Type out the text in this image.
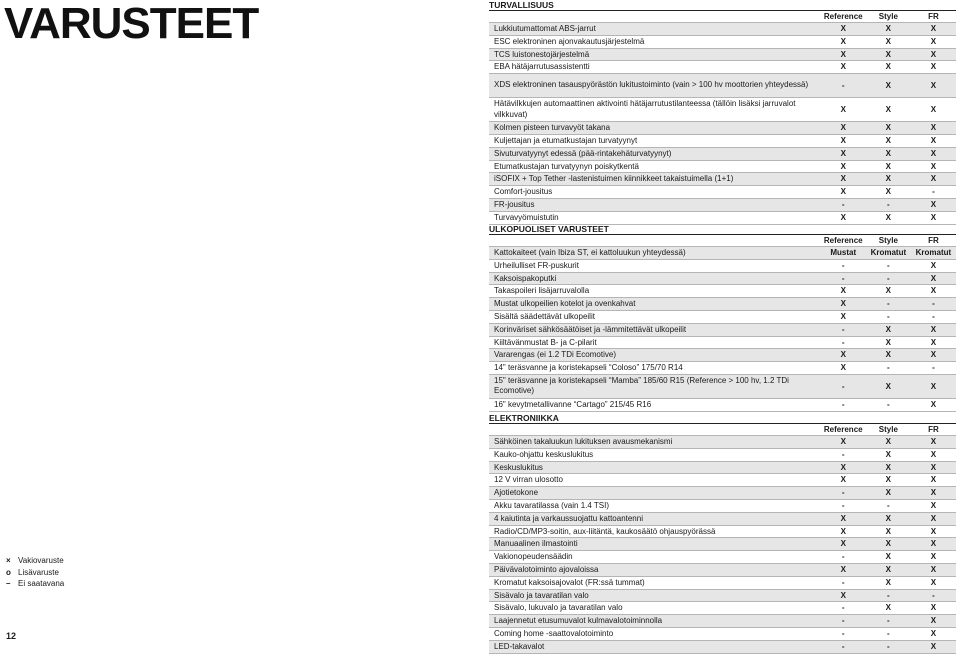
VARUSTEET
× Vakiovaruste
o Lisävaruste
– Ei saatavana
12
TURVALLISUUS
	Reference	Style	FR
Lukkiutumattomat ABS-jarrut	X	X	X
ESC elektroninen ajonvakautusjärjestelmä	X	X	X
TCS luistonestojärjestelmä	X	X	X
EBA hätäjarrutusassistentti	X	X	X
XDS elektroninen tasauspyörästön lukitustoiminto (vain > 100 hv moottorien yhteydessä)	-	X	X
Hätävilkkujen automaattinen aktivointi hätäjarrutustilanteessa (tällöin lisäksi jarruvalot vilkkuvat)	X	X	X
Kolmen pisteen turvavyöt takana	X	X	X
Kuljettajan ja etumatkustajan turvatyynyt	X	X	X
Sivuturvatyynyt edessä (pää-rintakehäturvatyynyt)	X	X	X
Etumatkustajan turvatyynyn poiskytkentä	X	X	X
iSOFIX + Top Tether -lastenistuimen kiinnikkeet takaistuimella (1+1)	X	X	X
Comfort-jousitus	X	X	-
FR-jousitus	-	-	X
Turvavyömuistutin	X	X	X
ULKOPUOLISET VARUSTEET
	Reference	Style	FR
Kattokaiteet (vain Ibiza ST, ei kattoluukun yhteydessä)	Mustat	Kromatut	Kromatut
Urheilulliset FR-puskurit	-	-	X
Kaksoispakoputki	-	-	X
Takaspoileri lisäjarruvalolla	X	X	X
Mustat ulkopeilien kotelot ja ovenkahvat	X	-	-
Sisältä säädettävät ulkopeilit	X	-	-
Korinväriset sähkösäätöiset ja -lämmitettävät ulkopeilit	-	X	X
Kiiltävänmustat B- ja C-pilarit	-	X	X
Vararengas (ei 1.2 TDi Ecomotive)	X	X	X
14" teräsvanne ja koristekapseli “Coloso” 175/70 R14	X	-	-
15" teräsvanne ja koristekapseli “Mamba” 185/60 R15 (Reference > 100 hv, 1.2 TDi Ecomotive)	-	X	X
16" kevytmetallivanne “Cartago” 215/45 R16	-	-	X
ELEKTRONIIKKA
	Reference	Style	FR
Sähköinen takaluukun lukituksen avausmekanismi	X	X	X
Kauko-ohjattu keskuslukitus	-	X	X
Keskuslukitus	X	X	X
12 V virran ulosotto	X	X	X
Ajotietokone	-	X	X
Akku tavaratilassa (vain 1.4 TSI)	-	-	X
4 kaiutinta ja varkaussuojattu kattoantenni	X	X	X
Radio/CD/MP3-soitin, aux-liitäntä, kaukosäätö ohjauspyörässä	X	X	X
Manuaalinen ilmastointi	X	X	X
Vakionopeudensäädin	-	X	X
Päivävalotoiminto ajovaloissa	X	X	X
Kromatut kaksoisajovalot (FR:ssä tummat)	-	X	X
Sisävalo ja tavaratilan valo	X	-	-
Sisävalo, lukuvalo ja tavaratilan valo	-	X	X
Laajennetut etusumuvalot kulmavalotoiminnolla	-	-	X
Coming home -saattovalotoiminto	-	-	X
LED-takavalot	-	-	X
